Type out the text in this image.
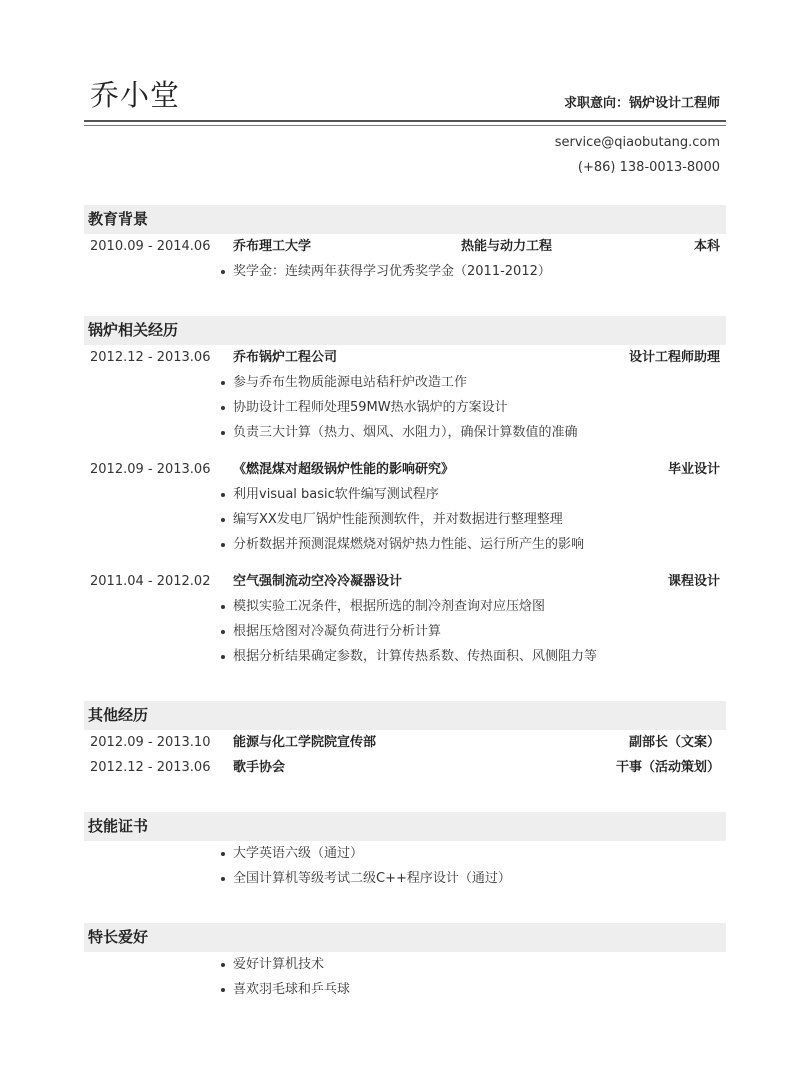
乔小堂	求职意向：锅炉设计工程师
service@qiaobutang.com
(+86) 138-0013-8000
教育背景
2010.09 - 2014.06 乔布理工大学	热能与动力工程	本科
奖学金：连续两年获得学习优秀奖学金（2011-2012）
锅炉相关经历
2012.12 - 2013.06 乔布锅炉工程公司	设计工程师助理
参与乔布生物质能源电站秸秆炉改造工作
协助设计工程师处理59MW热水锅炉的方案设计
负责三大计算（热力、烟风、水阻力），确保计算数值的准确
2012.09 - 2013.06 《燃混煤对超级锅炉性能的影响研究》	毕业设计
利用visual basic软件编写测试程序
编写XX发电厂锅炉性能预测软件，并对数据进行整理整理
分析数据并预测混煤燃烧对锅炉热力性能、运行所产生的影响
2011.04 - 2012.02 空气强制流动空冷冷凝器设计	课程设计
模拟实验工况条件，根据所选的制冷剂查询对应压焓图
根据压焓图对冷凝负荷进行分析计算
根据分析结果确定参数，计算传热系数、传热面积、风侧阻力等
其他经历
2012.09 - 2013.10 能源与化工学院院宣传部	副部长（文案）
2012.12 - 2013.06 歌手协会	干事（活动策划）
技能证书
大学英语六级（通过）
全国计算机等级考试二级C++程序设计（通过）
特长爱好
爱好计算机技术
喜欢羽毛球和乒乓球
